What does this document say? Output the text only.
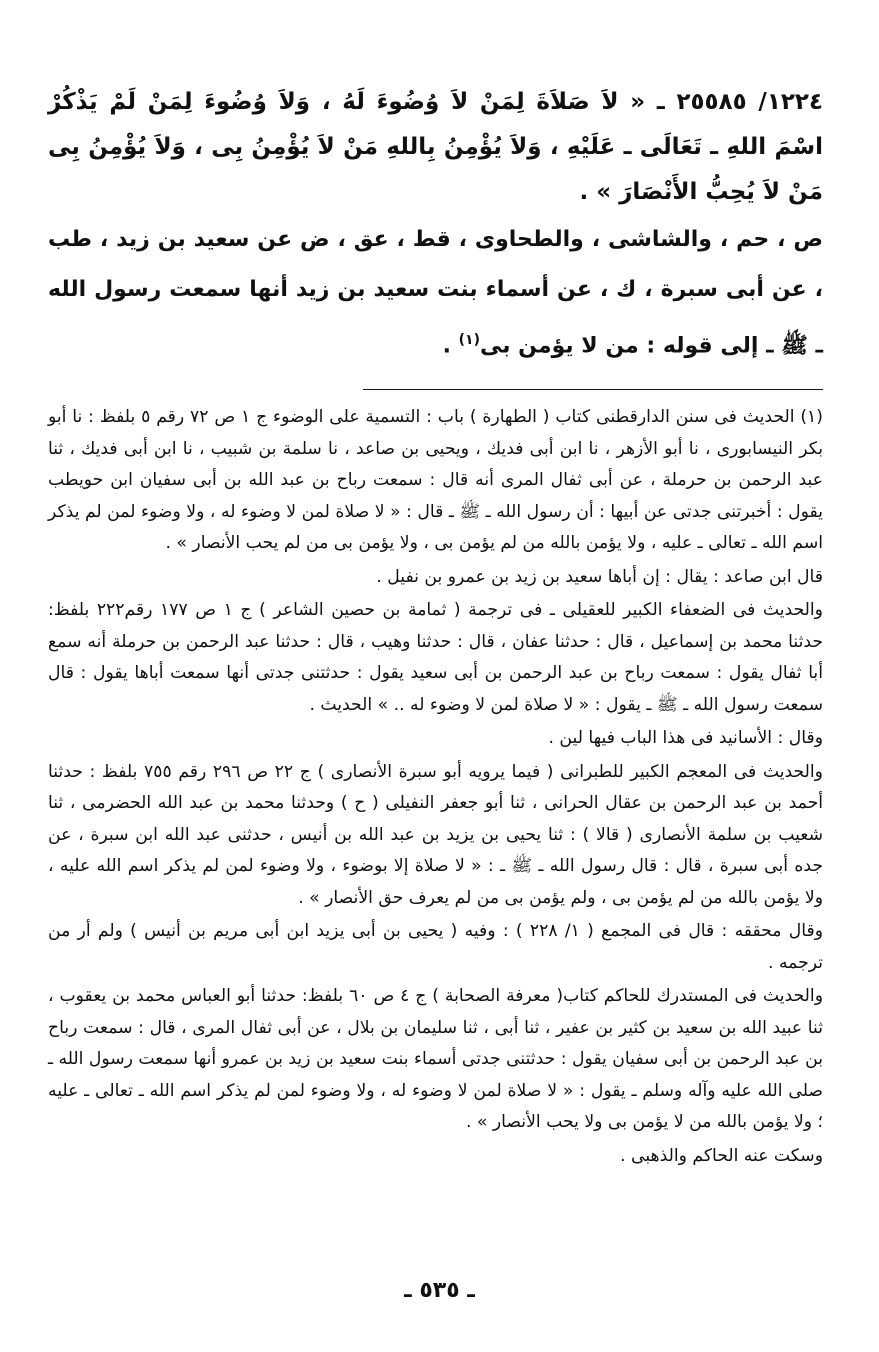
١٢٢٤/ ٢٥٥٨٥ ـ « لاَ صَلاَةَ لِمَنْ لاَ وُضُوءَ لَهُ ، وَلاَ وُضُوءَ لِمَنْ لَمْ يَذْكُرْ اسْمَ اللهِ ـ تَعَالَى ـ عَلَيْهِ ، وَلاَ يُؤْمِنُ بِاللهِ مَنْ لاَ يُؤْمِنُ بِى ، وَلاَ يُؤْمِنُ بِى مَنْ لاَ يُحِبُّ الأَنْصَارَ » .

ص ، حم ، والشاشى ، والطحاوى ، قط ، عق ، ض عن سعيد بن زيد ، طب ، عن أبى سبرة ، ك ، عن أسماء بنت سعيد بن زيد أنها سمعت رسول الله ـ ﷺ ـ إلى قوله : من لا يؤمن بى$^{(١)}$ .

(١) الحديث فى سنن الدارقطنى كتاب ( الطهارة ) باب : التسمية على الوضوء ج ١ ص ٧٢ رقم ٥ بلفظ : نا أبو بكر النيسابورى ، نا أبو الأزهر ، نا ابن أبى فديك ، ويحيى بن صاعد ، نا سلمة بن شبيب ، نا ابن أبى فديك ، ثنا عبد الرحمن بن حرملة ، عن أبى ثفال المرى أنه قال : سمعت رباح بن عبد الله بن أبى سفيان ابن حويطب يقول : أخبرتنى جدتى عن أبيها : أن رسول الله ـ ﷺ ـ قال : « لا صلاة لمن لا وضوء له ، ولا وضوء لمن لم يذكر اسم الله ـ تعالى ـ عليه ، ولا يؤمن بالله من لم يؤمن بى ، ولا يؤمن بى من لم يحب الأنصار » .

قال ابن صاعد : يقال : إن أباها سعيد بن زيد بن عمرو بن نفيل .

والحديث فى الضعفاء الكبير للعقيلى ـ فى ترجمة ( ثمامة بن حصين الشاعر ) ج ١ ص ١٧٧ رقم٢٢٢ بلفظ: حدثنا محمد بن إسماعيل ، قال : حدثنا عفان ، قال : حدثنا وهيب ، قال : حدثنا عبد الرحمن بن حرملة أنه سمع أبا ثفال يقول : سمعت رباح بن عبد الرحمن بن أبى سعيد يقول : حدثتنى جدتى أنها سمعت أباها يقول : قال سمعت رسول الله ـ ﷺ ـ يقول : « لا صلاة لمن لا وضوء له .. » الحديث .

وقال : الأسانيد فى هذا الباب فيها لين .

والحديث فى المعجم الكبير للطبرانى ( فيما يرويه أبو سبرة الأنصارى ) ج ٢٢ ص ٢٩٦ رقم ٧٥٥ بلفظ : حدثنا أحمد بن عبد الرحمن بن عقال الحرانى ، ثنا أبو جعفر النفيلى ( ح ) وحدثنا محمد بن عبد الله الحضرمى ، ثنا شعيب بن سلمة الأنصارى ( قالا ) : ثنا يحيى بن يزيد بن عبد الله بن أنيس ، حدثنى عبد الله ابن سبرة ، عن جده أبى سبرة ، قال : قال رسول الله ـ ﷺ ـ : « لا صلاة إلا بوضوء ، ولا وضوء لمن لم يذكر اسم الله عليه ، ولا يؤمن بالله من لم يؤمن بى ، ولم يؤمن بى من لم يعرف حق الأنصار » .

وقال محققه : قال فى المجمع ( ١/ ٢٢٨ ) : وفيه ( يحيى بن أبى يزيد ابن أبى مريم بن أنيس ) ولم أر من ترجمه .

والحديث فى المستدرك للحاكم كتاب( معرفة الصحابة ) ج ٤ ص ٦٠ بلفظ: حدثنا أبو العباس محمد بن يعقوب ، ثنا عبيد الله بن سعيد بن كثير بن عفير ، ثنا أبى ، ثنا سليمان بن بلال ، عن أبى ثفال المرى ، قال : سمعت رباح بن عبد الرحمن بن أبى سفيان يقول : حدثتنى جدتى أسماء بنت سعيد بن زيد بن عمرو أنها سمعت رسول الله ـ صلى الله عليه وآله وسلم ـ يقول : « لا صلاة لمن لا وضوء له ، ولا وضوء لمن لم يذكر اسم الله ـ تعالى ـ عليه ؛ ولا يؤمن بالله من لا يؤمن بى ولا يحب الأنصار » .

وسكت عنه الحاكم والذهبى .

ـ ٥٣٥ ـ
